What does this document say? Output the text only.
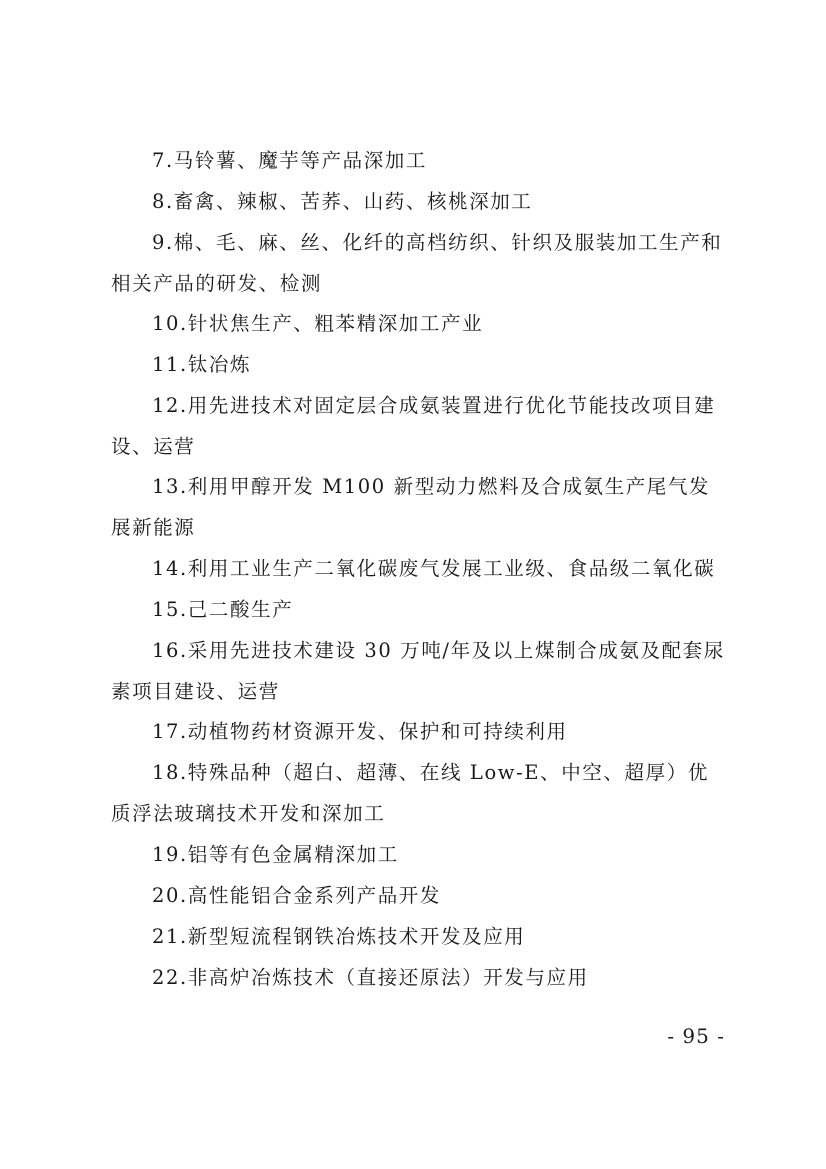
7.马铃薯、魔芋等产品深加工

8.畜禽、辣椒、苦荞、山药、核桃深加工

9.棉、毛、麻、丝、化纤的高档纺织、针织及服装加工生产和相关产品的研发、检测

10.针状焦生产、粗苯精深加工产业

11.钛冶炼

12.用先进技术对固定层合成氨装置进行优化节能技改项目建设、运营

13.利用甲醇开发 M100 新型动力燃料及合成氨生产尾气发展新能源

14.利用工业生产二氧化碳废气发展工业级、食品级二氧化碳

15.己二酸生产

16.采用先进技术建设 30 万吨/年及以上煤制合成氨及配套尿素项目建设、运营

17.动植物药材资源开发、保护和可持续利用

18.特殊品种（超白、超薄、在线 Low-E、中空、超厚）优质浮法玻璃技术开发和深加工

19.铝等有色金属精深加工

20.高性能铝合金系列产品开发

21.新型短流程钢铁冶炼技术开发及应用

22.非高炉冶炼技术（直接还原法）开发与应用

- 95 -
